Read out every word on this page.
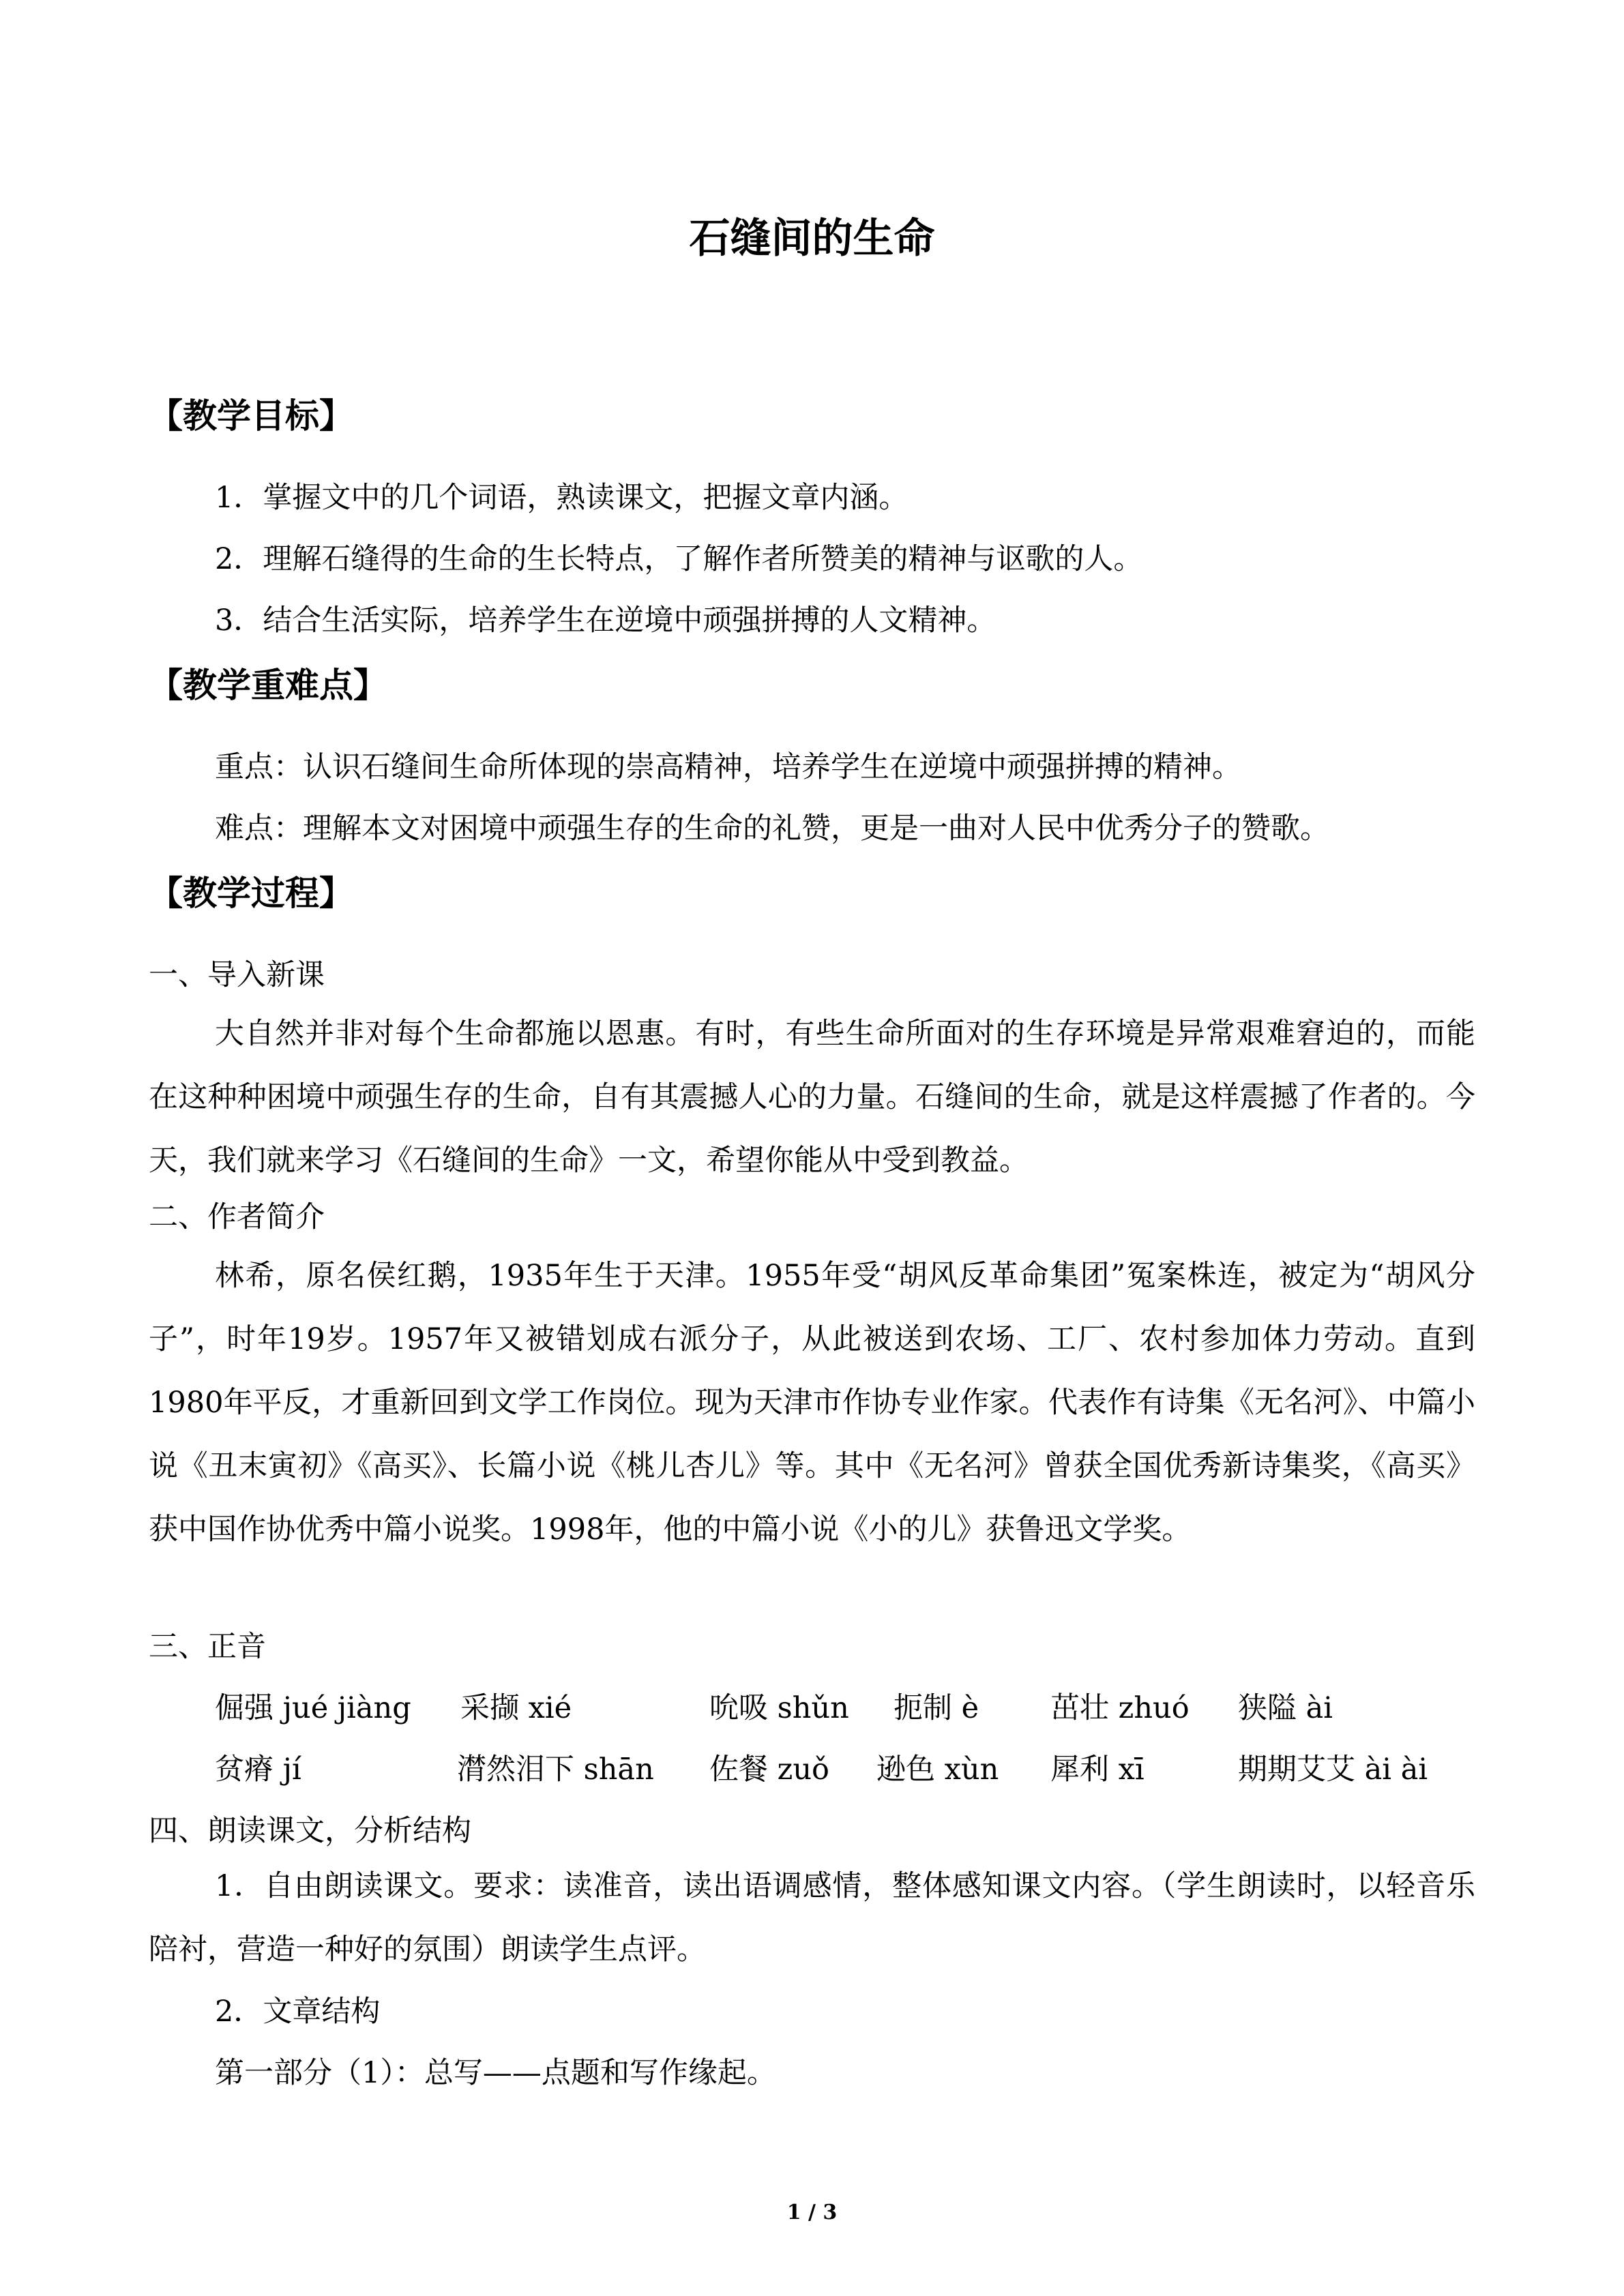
石缝间的生命
【教学目标】

1．掌握文中的几个词语，熟读课文，把握文章内涵。

2．理解石缝得的生命的生长特点，了解作者所赞美的精神与讴歌的人。

3．结合生活实际，培养学生在逆境中顽强拼搏的人文精神。

【教学重难点】

重点：认识石缝间生命所体现的崇高精神，培养学生在逆境中顽强拼搏的精神。

难点：理解本文对困境中顽强生存的生命的礼赞，更是一曲对人民中优秀分子的赞歌。

【教学过程】

一、导入新课

大自然并非对每个生命都施以恩惠。有时，有些生命所面对的生存环境是异常艰难窘迫的，而能在这种种困境中顽强生存的生命，自有其震撼人心的力量。石缝间的生命，就是这样震撼了作者的。今天，我们就来学习《石缝间的生命》一文，希望你能从中受到教益。

二、作者简介

林希，原名侯红鹅，1935年生于天津。1955年受“胡风反革命集团”冤案株连，被定为“胡风分子”，时年19岁。1957年又被错划成右派分子，从此被送到农场、工厂、农村参加体力劳动。直到1980年平反，才重新回到文学工作岗位。现为天津市作协专业作家。代表作有诗集《无名河》、中篇小说《丑末寅初》《高买》、长篇小说《桃儿杏儿》等。其中《无名河》曾获全国优秀新诗集奖，《高买》获中国作协优秀中篇小说奖。1998年，他的中篇小说《小的儿》获鲁迅文学奖。

三、正音

倔强 jué jiàng 采撷 xié	吮吸 shǔn 扼制 è 茁壮 zhuó 狭隘 ài
贫瘠 jí	潸然泪下 shān 佐餐 zuǒ 逊色 xùn 犀利 xī	期期艾艾 ài ài

四、朗读课文，分析结构

1．自由朗读课文。要求：读准音，读出语调感情，整体感知课文内容。（学生朗读时，以轻音乐陪衬，营造一种好的氛围）朗读学生点评。

2．文章结构

第一部分（1）：总写——点题和写作缘起。

1 / 3
